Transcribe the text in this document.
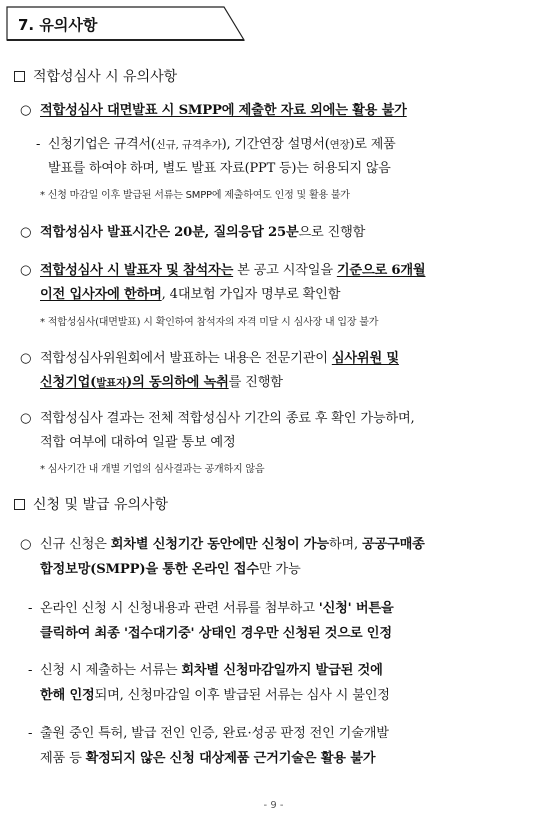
7. 유의사항
적합성심사 시 유의사항
○ 적합성심사 대면발표 시 SMPP에 제출한 자료 외에는 활용 불가
- 신청기업은 규격서(신규, 규격추가), 기간연장 설명서(연장)로 제품
발표를 하여야 하며, 별도 발표 자료(PPT 등)는 허용되지 않음
* 신청 마감일 이후 발급된 서류는 SMPP에 제출하여도 인정 및 활용 불가
○ 적합성심사 발표시간은 20분, 질의응답 25분으로 진행함
○ 적합성심사 시 발표자 및 참석자는 본 공고 시작일을 기준으로 6개월
이전 입사자에 한하며, 4대보험 가입자 명부로 확인함
* 적합성심사(대면발표) 시 확인하여 참석자의 자격 미달 시 심사장 내 입장 불가
○ 적합성심사위원회에서 발표하는 내용은 전문기관이 심사위원 및
신청기업(발표자)의 동의하에 녹취를 진행함
○ 적합성심사 결과는 전체 적합성심사 기간의 종료 후 확인 가능하며,
적합 여부에 대하여 일괄 통보 예정
* 심사기간 내 개별 기업의 심사결과는 공개하지 않음
신청 및 발급 유의사항
○ 신규 신청은 회차별 신청기간 동안에만 신청이 가능하며, 공공구매종
합정보망(SMPP)을 통한 온라인 접수만 가능
- 온라인 신청 시 신청내용과 관련 서류를 첨부하고 '신청' 버튼을
클릭하여 최종 '접수대기중' 상태인 경우만 신청된 것으로 인정
- 신청 시 제출하는 서류는 회차별 신청마감일까지 발급된 것에
한해 인정되며, 신청마감일 이후 발급된 서류는 심사 시 불인정
- 출원 중인 특허, 발급 전인 인증, 완료·성공 판정 전인 기술개발
제품 등 확정되지 않은 신청 대상제품 근거기술은 활용 불가
- 9 -
